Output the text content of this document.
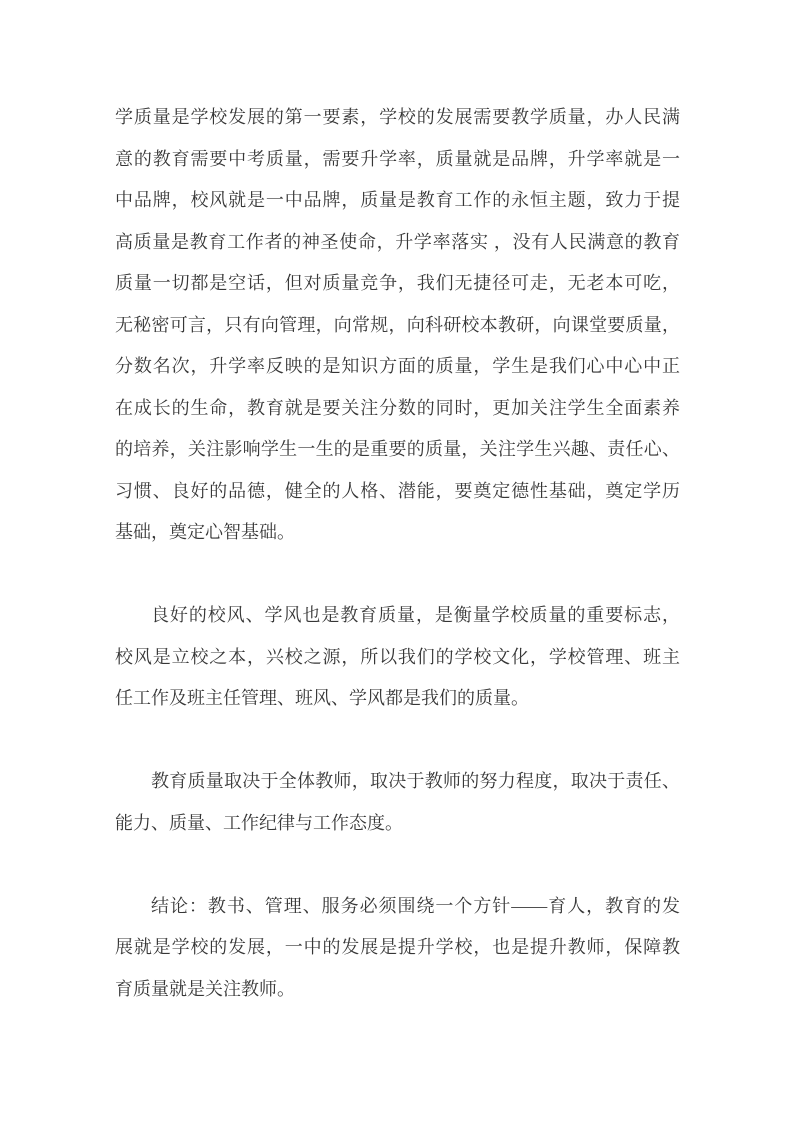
学质量是学校发展的第一要素，学校的发展需要教学质量，办人民满
意的教育需要中考质量，需要升学率，质量就是品牌，升学率就是一
中品牌，校风就是一中品牌，质量是教育工作的永恒主题，致力于提
高质量是教育工作者的神圣使命，升学率落实 ，没有人民满意的教育
质量一切都是空话，但对质量竞争，我们无捷径可走，无老本可吃，
无秘密可言，只有向管理，向常规，向科研校本教研，向课堂要质量，
分数名次，升学率反映的是知识方面的质量，学生是我们心中心中正
在成长的生命，教育就是要关注分数的同时，更加关注学生全面素养
的培养，关注影响学生一生的是重要的质量，关注学生兴趣、责任心、
习惯、良好的品德，健全的人格、潜能，要奠定德性基础，奠定学历
基础，奠定心智基础。
良好的校风、学风也是教育质量，是衡量学校质量的重要标志，
校风是立校之本，兴校之源，所以我们的学校文化，学校管理、班主
任工作及班主任管理、班风、学风都是我们的质量。
教育质量取决于全体教师，取决于教师的努力程度，取决于责任、
能力、质量、工作纪律与工作态度。
结论：教书、管理、服务必须围绕一个方针——育人，教育的发
展就是学校的发展，一中的发展是提升学校，也是提升教师，保障教
育质量就是关注教师。
